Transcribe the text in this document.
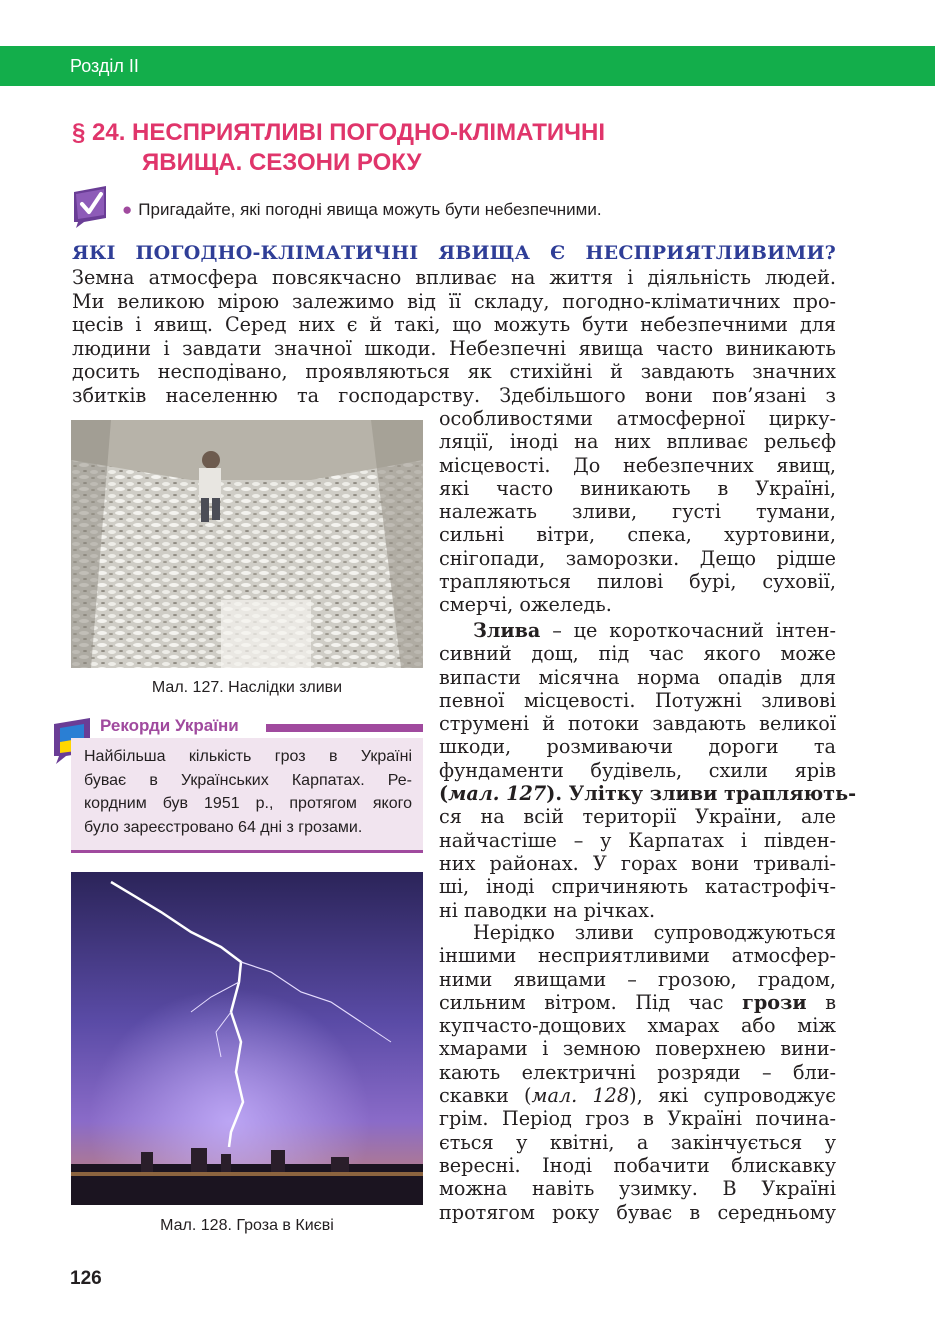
Розділ II
§ 24. НЕСПРИЯТЛИВІ ПОГОДНО-КЛІМАТИЧНІ
ЯВИЩА. СЕЗОНИ РОКУ
● Пригадайте, які погодні явища можуть бути небезпечними.
ЯКІ ПОГОДНО-КЛІМАТИЧНІ ЯВИЩА Є НЕСПРИЯТЛИВИМИ?
Земна атмосфера повсякчасно впливає на життя і діяльність людей.
Ми великою мірою залежимо від її складу, погодно-кліматичних про-
цесів і явищ. Серед них є й такі, що можуть бути небезпечними для
людини і завдати значної шкоди. Небезпечні явища часто виникають
досить несподівано, проявляються як стихійні й завдають значних
збитків населенню та господарству. Здебільшого вони пов’язані з
особливостями атмосферної цирку-
ляції, іноді на них впливає рельєф
місцевості. До небезпечних явищ,
які часто виникають в Україні,
належать зливи, густі тумани,
сильні вітри, спека, хуртовини,
снігопади, заморозки. Дещо рідше
трапляються пилові бурі, суховії,
смерчі, ожеледь.
Злива – це короткочасний інтен-
сивний дощ, під час якого може
випасти місячна норма опадів для
певної місцевості. Потужні зливові
струмені й потоки завдають великої
шкоди, розмиваючи дороги та
фундаменти будівель, схили ярів
(мал. 127). Улітку зливи трапляють-
ся на всій території України, але
найчастіше – у Карпатах і півден-
них районах. У горах вони тривалі-
ші, іноді спричиняють катастрофіч-
ні паводки на річках.
Нерідко зливи супроводжуються
іншими несприятливими атмосфер-
ними явищами – грозою, градом,
сильним вітром. Під час грози в
купчасто-дощових хмарах або між
хмарами і земною поверхнею вини-
кають електричні розряди – бли-
скавки (мал. 128), які супроводжує
грім. Період гроз в Україні почина-
ється у квітні, а закінчується у
вересні. Іноді побачити блискавку
можна навіть узимку. В Україні
протягом року буває в середньому
Мал. 127. Наслідки зливи
Рекорди України
Найбільша кількість гроз в Україні
буває в Українських Карпатах. Ре-
кордним був 1951 р., протягом якого
було зареєстровано 64 дні з грозами.
Мал. 128. Гроза в Києві
126
